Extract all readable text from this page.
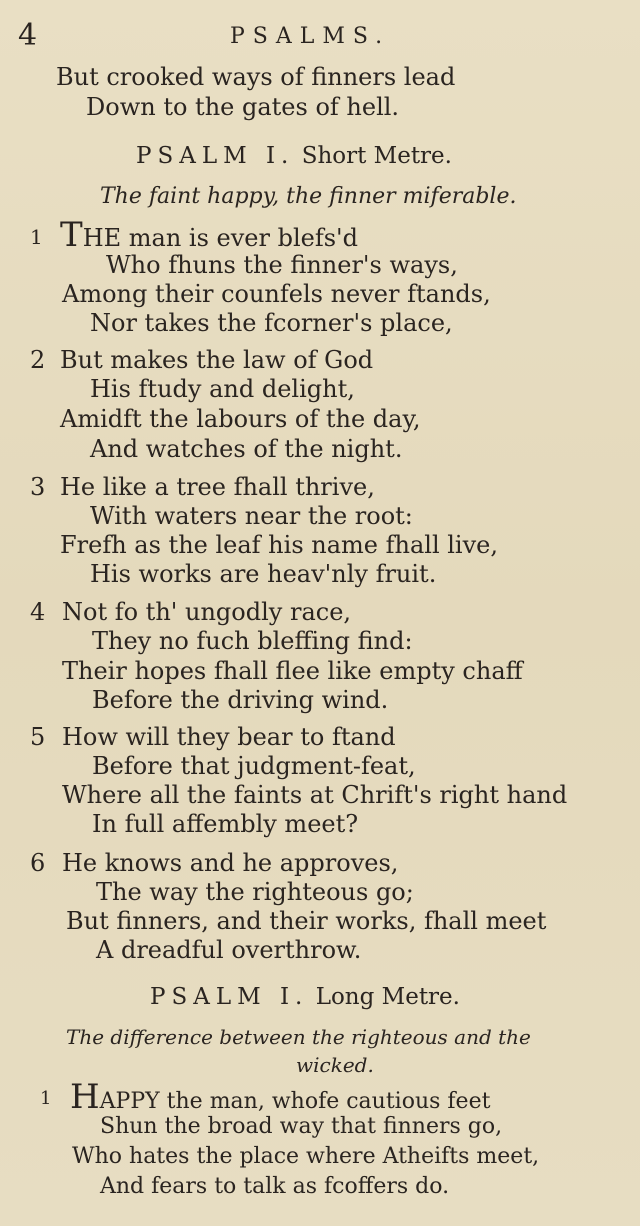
4	PSALMS.
But crooked ways of finners lead
Down to the gates of hell.
PSALM I. Short Metre.
The faint happy, the finner miferable.
1 THE man is ever blefs'd
Who fhuns the finner's ways,
Among their counfels never ftands,
Nor takes the fcorner's place,
2 But makes the law of God
His ftudy and delight,
Amidft the labours of the day,
And watches of the night.
3 He like a tree fhall thrive,
With waters near the root:
Frefh as the leaf his name fhall live,
His works are heav'nly fruit.
4 Not fo th' ungodly race,
They no fuch bleffing find:
Their hopes fhall flee like empty chaff
Before the driving wind.
5 How will they bear to ftand
Before that judgment-feat,
Where all the faints at Chrift's right hand
In full affembly meet?
6 He knows and he approves,
The way the righteous go;
But finners, and their works, fhall meet
A dreadful overthrow.
PSALM I. Long Metre.
The difference between the righteous and the
wicked.
1 HAPPY the man, whofe cautious feet
Shun the broad way that finners go,
Who hates the place where Atheifts meet,
And fears to talk as fcoffers do.
